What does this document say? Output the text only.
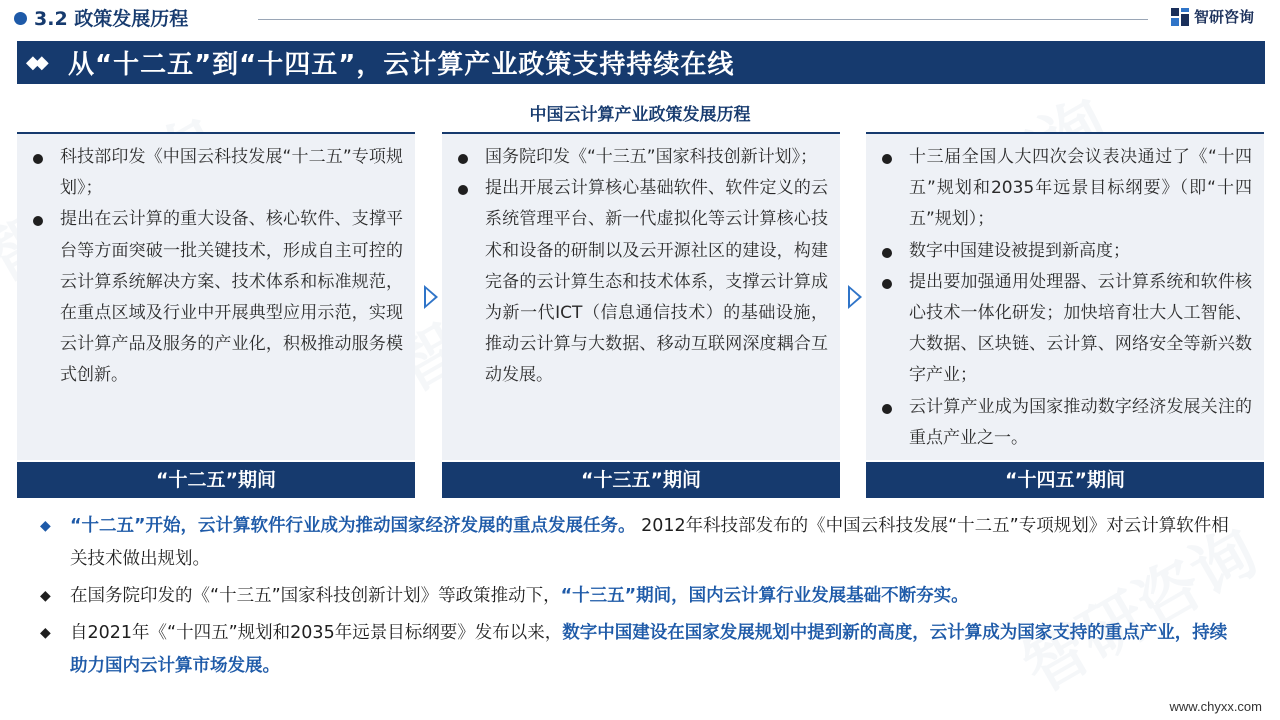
3.2 政策发展历程	智研咨询
◆◆ 从“十二五”到“十四五”，云计算产业政策支持持续在线
中国云计算产业政策发展历程
科技部印发《中国云科技发展“十二五”专项规划》；
提出在云计算的重大设备、核心软件、支撑平台等方面突破一批关键技术，形成自主可控的云计算系统解决方案、技术体系和标准规范，在重点区域及行业中开展典型应用示范，实现云计算产品及服务的产业化，积极推动服务模式创新。
“十二五”期间
国务院印发《“十三五”国家科技创新计划》；
提出开展云计算核心基础软件、软件定义的云系统管理平台、新一代虚拟化等云计算核心技术和设备的研制以及云开源社区的建设，构建完备的云计算生态和技术体系，支撑云计算成为新一代ICT（信息通信技术）的基础设施，推动云计算与大数据、移动互联网深度耦合互动发展。
“十三五”期间
十三届全国人大四次会议表决通过了《“十四五”规划和2035年远景目标纲要》（即“十四五”规划）；
数字中国建设被提到新高度；
提出要加强通用处理器、云计算系统和软件核心技术一体化研发；加快培育壮大人工智能、大数据、区块链、云计算、网络安全等新兴数字产业；
云计算产业成为国家推动数字经济发展关注的重点产业之一。
“十四五”期间
◆	“十二五”开始，云计算软件行业成为推动国家经济发展的重点发展任务。 2012年科技部发布的《中国云科技发展“十二五”专项规划》对云计算软件相关技术做出规划。
◆	在国务院印发的《“十三五”国家科技创新计划》等政策推动下，“十三五”期间，国内云计算行业发展基础不断夯实。
◆	自2021年《“十四五”规划和2035年远景目标纲要》发布以来，数字中国建设在国家发展规划中提到新的高度，云计算成为国家支持的重点产业，持续助力国内云计算市场发展。
www.chyxx.com
